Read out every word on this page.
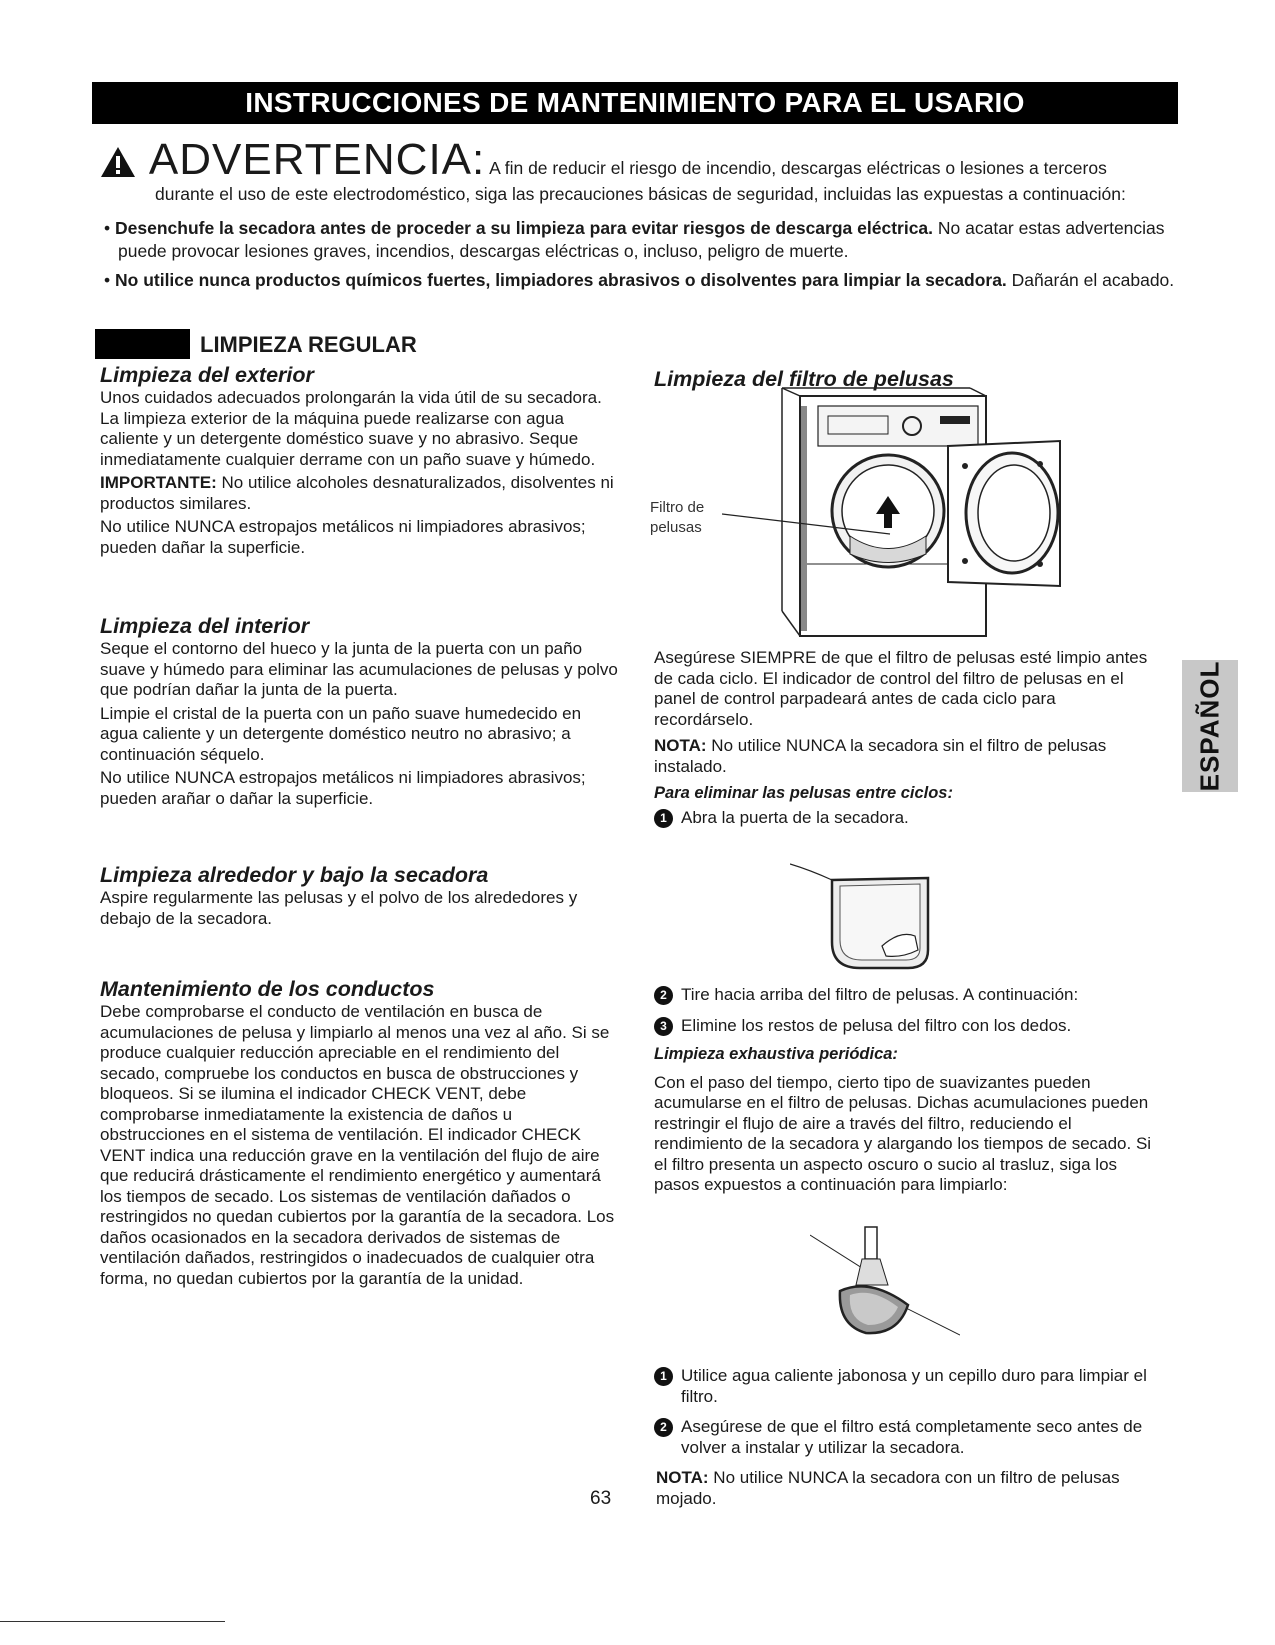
INSTRUCCIONES DE MANTENIMIENTO PARA EL USARIO
ADVERTENCIA: A fin de reducir el riesgo de incendio, descargas eléctricas o lesiones a terceros
durante el uso de este electrodoméstico, siga las precauciones básicas de seguridad, incluidas las expuestas a continuación:
• Desenchufe la secadora antes de proceder a su limpieza para evitar riesgos de descarga eléctrica. No acatar estas advertencias puede provocar lesiones graves, incendios, descargas eléctricas o, incluso, peligro de muerte.
• No utilice nunca productos químicos fuertes, limpiadores abrasivos o disolventes para limpiar la secadora. Dañarán el acabado.
LIMPIEZA REGULAR
Limpieza del exterior

Unos cuidados adecuados prolongarán la vida útil de su secadora. La limpieza exterior de la máquina puede realizarse con agua caliente y un detergente doméstico suave y no abrasivo. Seque inmediatamente cualquier derrame con un paño suave y húmedo.

IMPORTANTE: No utilice alcoholes desnaturalizados, disolventes ni productos similares.

No utilice NUNCA estropajos metálicos ni limpiadores abrasivos; pueden dañar la superficie.

Limpieza del interior

Seque el contorno del hueco y la junta de la puerta con un paño suave y húmedo para eliminar las acumulaciones de pelusas y polvo que podrían dañar la junta de la puerta.

Limpie el cristal de la puerta con un paño suave humedecido en agua caliente y un detergente doméstico neutro no abrasivo; a continuación séquelo.

No utilice NUNCA estropajos metálicos ni limpiadores abrasivos; pueden arañar o dañar la superficie.

Limpieza alrededor y bajo la secadora

Aspire regularmente las pelusas y el polvo de los alrededores y debajo de la secadora.

Mantenimiento de los conductos

Debe comprobarse el conducto de ventilación en busca de acumulaciones de pelusa y limpiarlo al menos una vez al año. Si se produce cualquier reducción apreciable en el rendimiento del secado, compruebe los conductos en busca de obstrucciones y bloqueos. Si se ilumina el indicador CHECK VENT, debe comprobarse inmediatamente la existencia de daños u obstrucciones en el sistema de ventilación. El indicador CHECK VENT indica una reducción grave en la ventilación del flujo de aire que reducirá drásticamente el rendimiento energético y aumentará los tiempos de secado. Los sistemas de ventilación dañados o restringidos no quedan cubiertos por la garantía de la secadora. Los daños ocasionados en la secadora derivados de sistemas de ventilación dañados, restringidos o inadecuados de cualquier otra forma, no quedan cubiertos por la garantía de la unidad.

Limpieza del filtro de pelusas
Filtro de pelusas

Asegúrese SIEMPRE de que el filtro de pelusas esté limpio antes de cada ciclo. El indicador de control del filtro de pelusas en el panel de control parpadeará antes de cada ciclo para recordárselo.

NOTA: No utilice NUNCA la secadora sin el filtro de pelusas instalado.

Para eliminar las pelusas entre ciclos:

1 Abra la puerta de la secadora.
2 Tire hacia arriba del filtro de pelusas. A continuación:
3 Elimine los restos de pelusa del filtro con los dedos.

Limpieza exhaustiva periódica:

Con el paso del tiempo, cierto tipo de suavizantes pueden acumularse en el filtro de pelusas. Dichas acumulaciones pueden restringir el flujo de aire a través del filtro, reduciendo el rendimiento de la secadora y alargando los tiempos de secado. Si el filtro presenta un aspecto oscuro o sucio al trasluz, siga los pasos expuestos a continuación para limpiarlo:

1 Utilice agua caliente jabonosa y un cepillo duro para limpiar el filtro.
2 Asegúrese de que el filtro está completamente seco antes de volver a instalar y utilizar la secadora.

NOTA: No utilice NUNCA la secadora con un filtro de pelusas mojado.

ESPAÑOL
63
